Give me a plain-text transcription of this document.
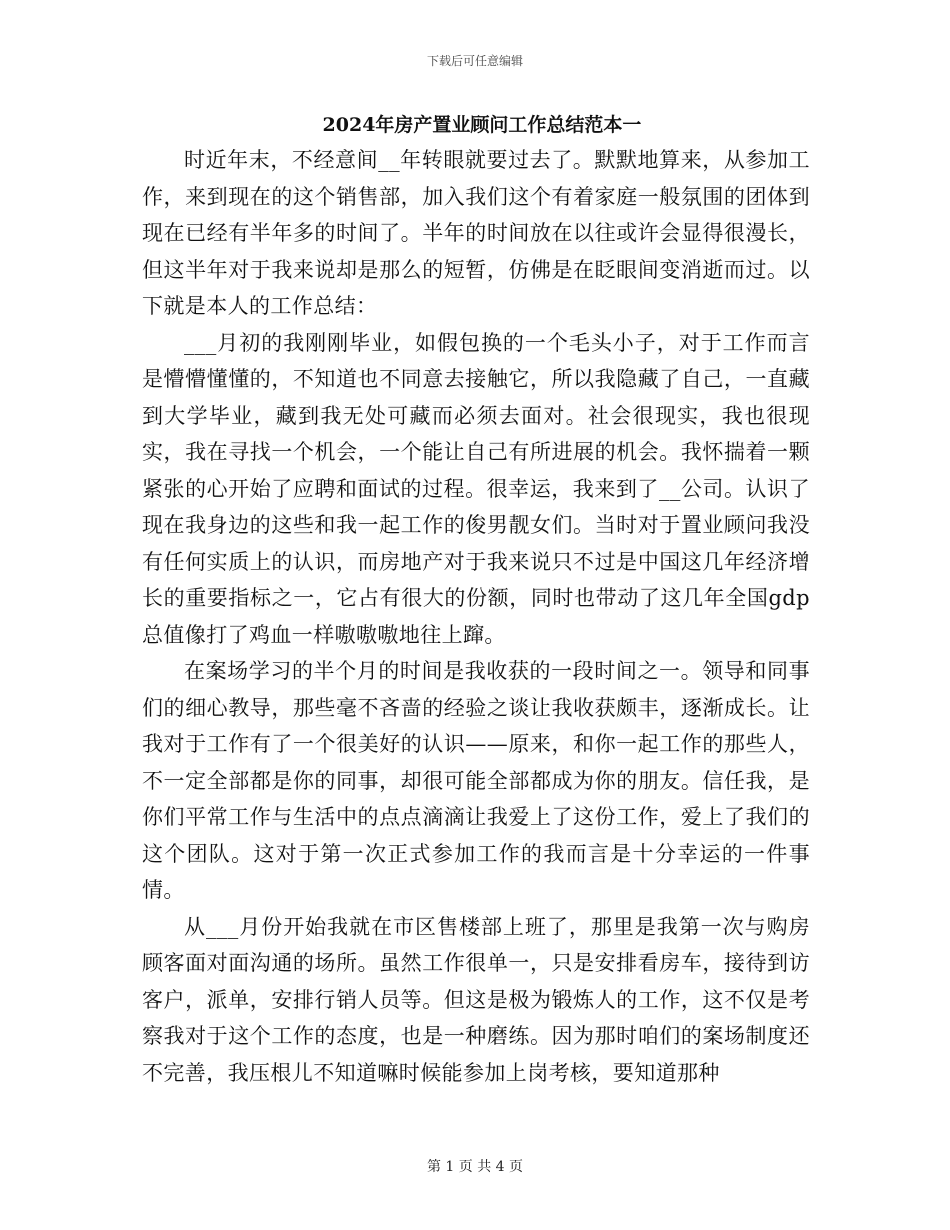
下载后可任意编辑
2024年房产置业顾问工作总结范本一

时近年末，不经意间__年转眼就要过去了。默默地算来，从参加工作，来到现在的这个销售部，加入我们这个有着家庭一般氛围的团体到现在已经有半年多的时间了。半年的时间放在以往或许会显得很漫长，但这半年对于我来说却是那么的短暂，仿佛是在眨眼间变消逝而过。以下就是本人的工作总结：

___月初的我刚刚毕业，如假包换的一个毛头小子，对于工作而言是懵懵懂懂的，不知道也不同意去接触它，所以我隐藏了自己，一直藏到大学毕业，藏到我无处可藏而必须去面对。社会很现实，我也很现实，我在寻找一个机会，一个能让自己有所进展的机会。我怀揣着一颗紧张的心开始了应聘和面试的过程。很幸运，我来到了__公司。认识了现在我身边的这些和我一起工作的俊男靓女们。当时对于置业顾问我没有任何实质上的认识，而房地产对于我来说只不过是中国这几年经济增长的重要指标之一，它占有很大的份额，同时也带动了这几年全国gdp总值像打了鸡血一样嗷嗷嗷地往上蹿。

在案场学习的半个月的时间是我收获的一段时间之一。领导和同事们的细心教导，那些毫不吝啬的经验之谈让我收获颇丰，逐渐成长。让我对于工作有了一个很美好的认识——原来，和你一起工作的那些人，不一定全部都是你的同事，却很可能全部都成为你的朋友。信任我，是你们平常工作与生活中的点点滴滴让我爱上了这份工作，爱上了我们的这个团队。这对于第一次正式参加工作的我而言是十分幸运的一件事情。

从___月份开始我就在市区售楼部上班了，那里是我第一次与购房顾客面对面沟通的场所。虽然工作很单一，只是安排看房车，接待到访客户，派单，安排行销人员等。但这是极为锻炼人的工作，这不仅是考察我对于这个工作的态度，也是一种磨练。因为那时咱们的案场制度还不完善，我压根儿不知道嘛时候能参加上岗考核，要知道那种

第 1 页 共 4 页
